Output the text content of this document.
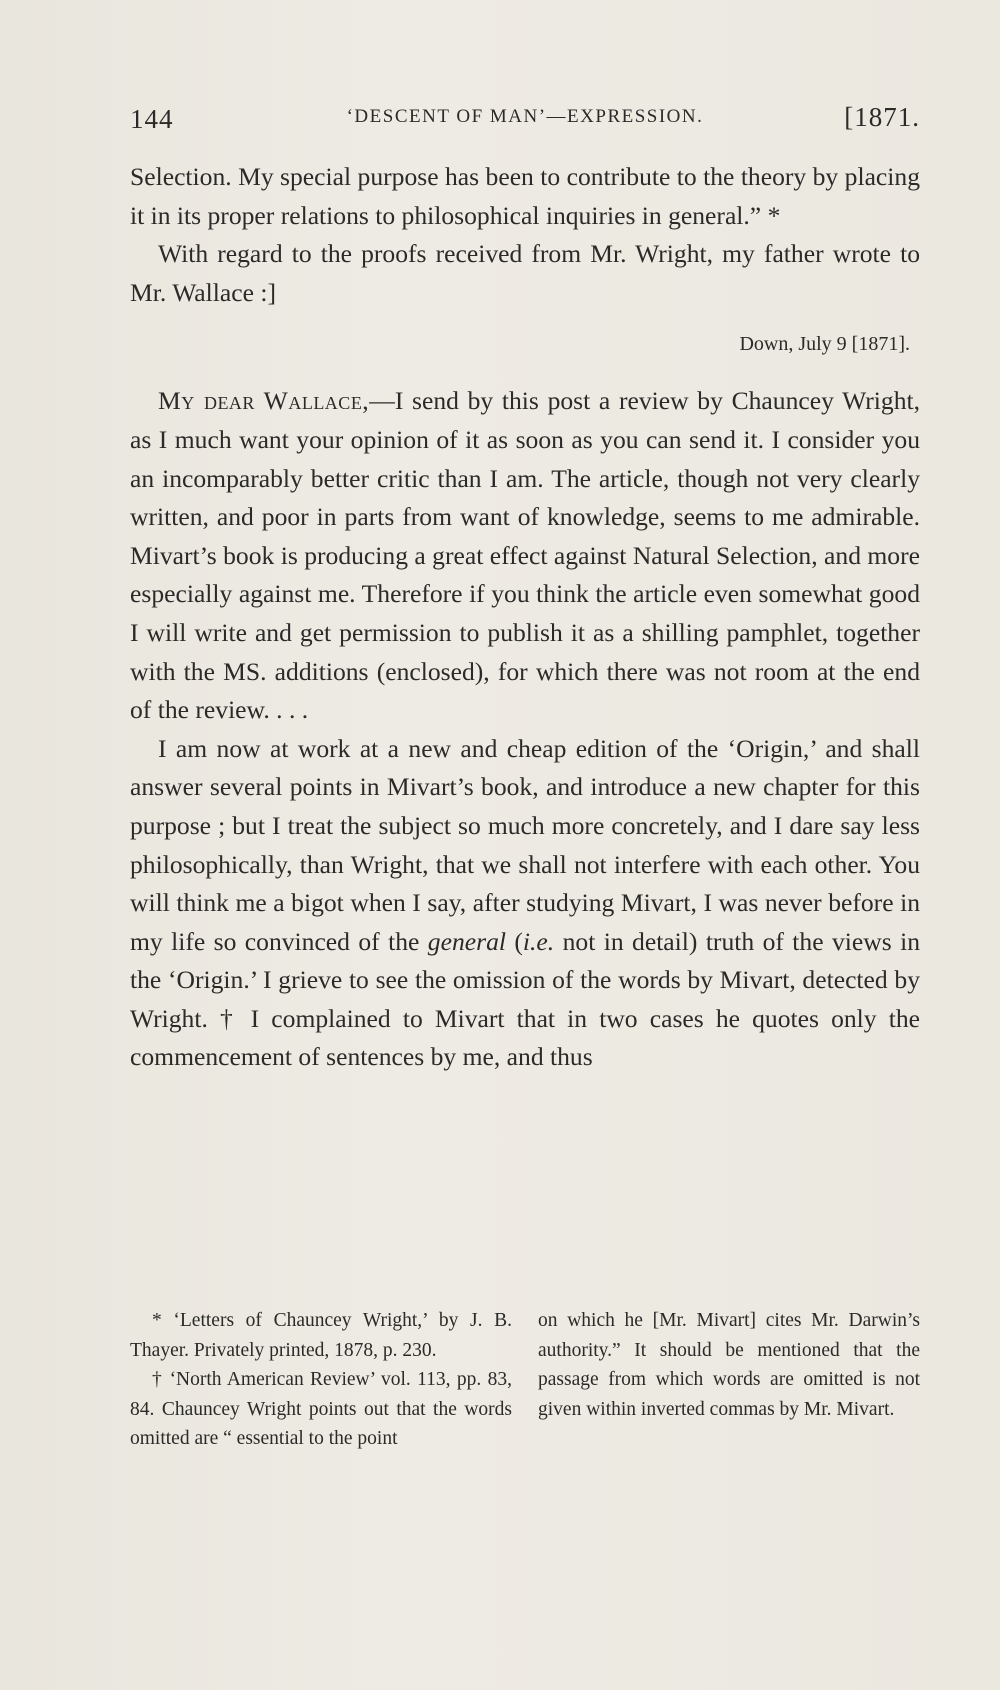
144	‘DESCENT OF MAN’—EXPRESSION.	[1871.

Selection. My special purpose has been to contribute to the theory by placing it in its proper relations to philosophical inquiries in general.” *

With regard to the proofs received from Mr. Wright, my father wrote to Mr. Wallace :]

Down, July 9 [1871].

My dear Wallace,—I send by this post a review by Chauncey Wright, as I much want your opinion of it as soon as you can send it. I consider you an incomparably better critic than I am. The article, though not very clearly written, and poor in parts from want of knowledge, seems to me admirable. Mivart’s book is producing a great effect against Natural Selection, and more especially against me. Therefore if you think the article even somewhat good I will write and get permission to publish it as a shilling pamphlet, together with the MS. additions (enclosed), for which there was not room at the end of the review. . . .

I am now at work at a new and cheap edition of the ‘Origin,’ and shall answer several points in Mivart’s book, and introduce a new chapter for this purpose ; but I treat the subject so much more concretely, and I dare say less philosophically, than Wright, that we shall not interfere with each other. You will think me a bigot when I say, after studying Mivart, I was never before in my life so convinced of the general (i.e. not in detail) truth of the views in the ‘Origin.’ I grieve to see the omission of the words by Mivart, detected by Wright. † I complained to Mivart that in two cases he quotes only the commencement of sentences by me, and thus

* ‘Letters of Chauncey Wright,’ by J. B. Thayer. Privately printed, 1878, p. 230.

† ‘North American Review’ vol. 113, pp. 83, 84. Chauncey Wright points out that the words omitted are “ essential to the point

on which he [Mr. Mivart] cites Mr. Darwin’s authority.” It should be mentioned that the passage from which words are omitted is not given within inverted commas by Mr. Mivart.
